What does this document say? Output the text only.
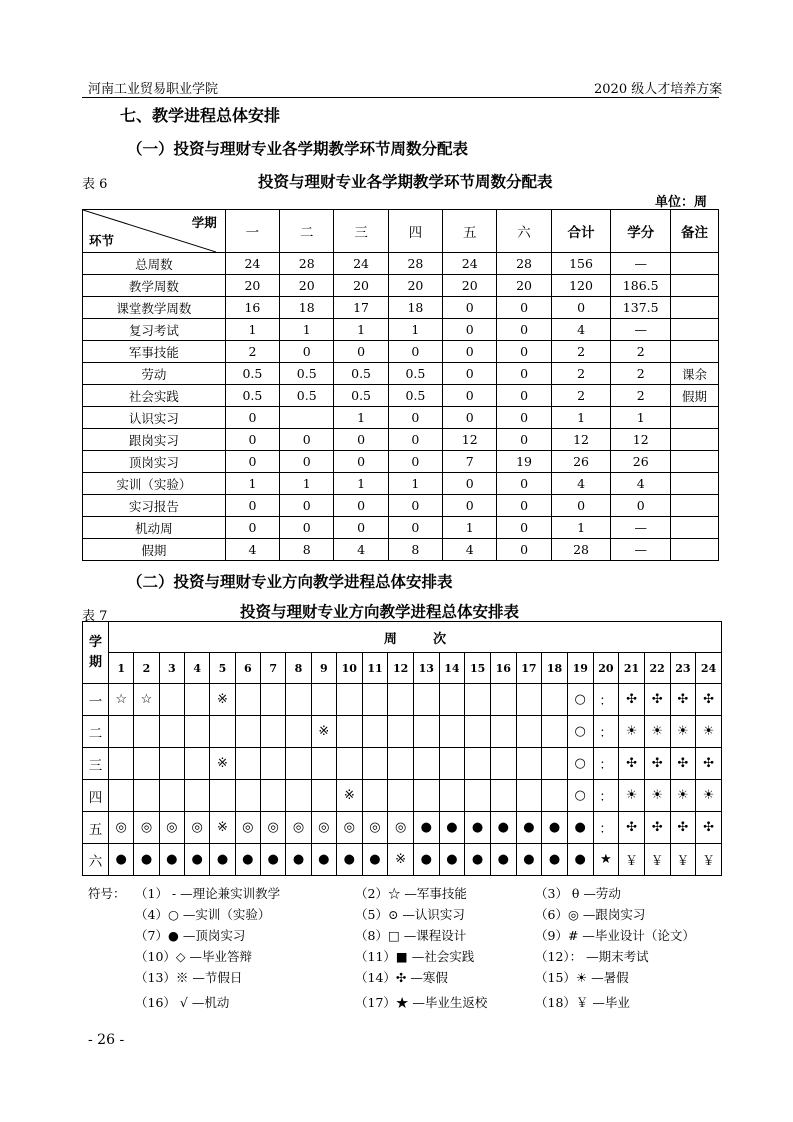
河南工业贸易职业学院	2020 级人才培养方案
七、教学进程总体安排
（一）投资与理财专业各学期教学环节周数分配表
表 6	投资与理财专业各学期教学环节周数分配表
单位：周
学期
环节	一	二	三	四	五	六	合计	学分	备注
总周数	24	28	24	28	24	28	156	—	
教学周数	20	20	20	20	20	20	120	186.5	
课堂教学周数	16	18	17	18	0	0	0	137.5	
复习考试	1	1	1	1	0	0	4	—	
军事技能	2	0	0	0	0	0	2	2	
劳动	0.5	0.5	0.5	0.5	0	0	2	2	课余
社会实践	0.5	0.5	0.5	0.5	0	0	2	2	假期
认识实习	0		1	0	0	0	1	1	
跟岗实习	0	0	0	0	12	0	12	12	
顶岗实习	0	0	0	0	7	19	26	26	
实训（实验）	1	1	1	1	0	0	4	4	
实习报告	0	0	0	0	0	0	0	0	
机动周	0	0	0	0	1	0	1	—	
假期	4	8	4	8	4	0	28	—	
（二）投资与理财专业方向教学进程总体安排表
表 7	投资与理财专业方向教学进程总体安排表
学
期	周        次																							
	1	2	3	4	5	6	7	8	9	10	11	12	13	14	15	16	17	18	19	20	21	22	23	24
一	☆	☆			※														○	：	✣	✣	✣	✣
二									※										○	：	☀	☀	☀	☀
三					※														○	：	✣	✣	✣	✣
四										※									○	：	☀	☀	☀	☀
五	◎	◎	◎	◎	※	◎	◎	◎	◎	◎	◎	◎	●	●	●	●	●	●	●	：	✣	✣	✣	✣
六	●	●	●	●	●	●	●	●	●	●	●	※	●	●	●	●	●	●	●	★	￥	￥	￥	￥
符号： （1） - —理论兼实训教学	（2）☆ —军事技能	（3） θ —劳动
（4）○ —实训（实验）	（5）⊙ —认识实习	（6）◎ —跟岗实习
（7）● —顶岗实习	（8）□ —课程设计	（9）# —毕业设计（论文）
（10）◇ —毕业答辩	（11）■ —社会实践	（12）： —期末考试
（13）※ —节假日	（14）✣ —寒假	（15）☀ —暑假
（16） √ —机动	（17）★ —毕业生返校	（18）￥ —毕业
- 26 -
